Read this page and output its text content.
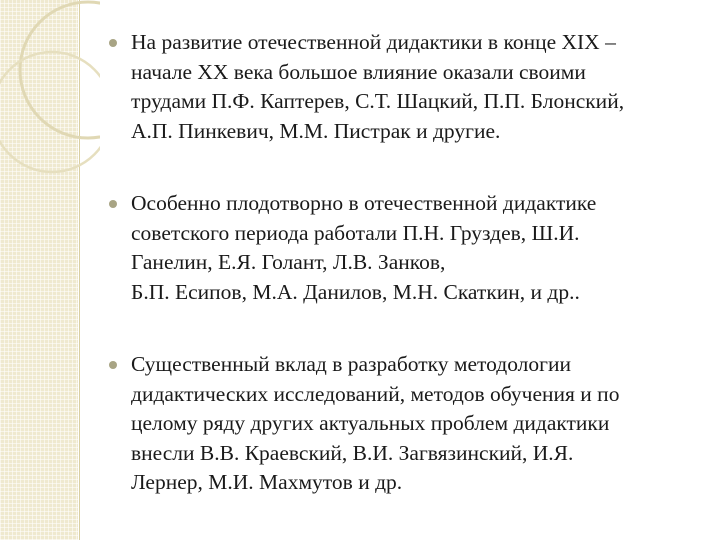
На развитие отечественной дидактики в конце XIX –
начале XX века большое влияние оказали своими
трудами П.Ф. Каптерев, С.Т. Шацкий, П.П. Блонский,
А.П. Пинкевич, М.М. Пистрак и другие.
Особенно плодотворно в отечественной дидактике
советского периода работали П.Н. Груздев, Ш.И.
Ганелин, Е.Я. Голант, Л.В. Занков,
Б.П. Есипов, М.А. Данилов, М.Н. Скаткин, и др..
Существенный вклад в разработку методологии
дидактических исследований, методов обучения и по
целому ряду других актуальных проблем дидактики
внесли В.В. Краевский, В.И. Загвязинский, И.Я.
Лернер, М.И. Махмутов и др.
